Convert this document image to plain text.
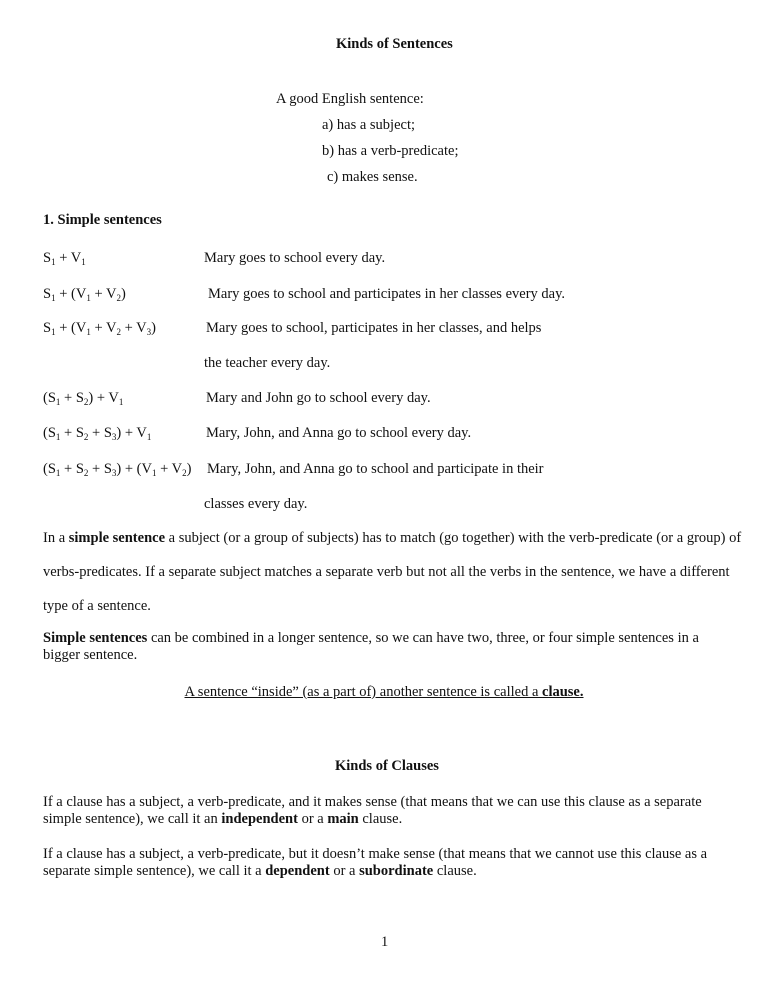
Kinds of Sentences
A good English sentence:
a) has a subject;
b) has a verb-predicate;
c) makes sense.
1. Simple sentences
$S_1 + V_1$	Mary goes to school every day.
$S_1 + (V_1 + V_2)$	Mary goes to school and participates in her classes every day.
$S_1 + (V_1 + V_2 + V_3)$	Mary goes to school, participates in her classes, and helps
the teacher every day.
$(S_1 + S_2) + V_1$	Mary and John go to school every day.
$(S_1 + S_2 + S_3) + V_1$	Mary, John, and Anna go to school every day.
$(S_1 + S_2 + S_3) + (V_1 + V_2)$ Mary, John, and Anna go to school and participate in their
classes every day.
In a simple sentence a subject (or a group of subjects) has to match (go together) with the verb-predicate (or a group) of verbs-predicates. If a separate subject matches a separate verb but not all the verbs in the sentence, we have a different type of a sentence.
Simple sentences can be combined in a longer sentence, so we can have two, three, or four simple sentences in a bigger sentence.
A sentence “inside” (as a part of) another sentence is called a clause.
Kinds of Clauses
If a clause has a subject, a verb-predicate, and it makes sense (that means that we can use this clause as a separate simple sentence), we call it an independent or a main clause.
If a clause has a subject, a verb-predicate, but it doesn’t make sense (that means that we cannot use this clause as a separate simple sentence), we call it a dependent or a subordinate clause.
1
